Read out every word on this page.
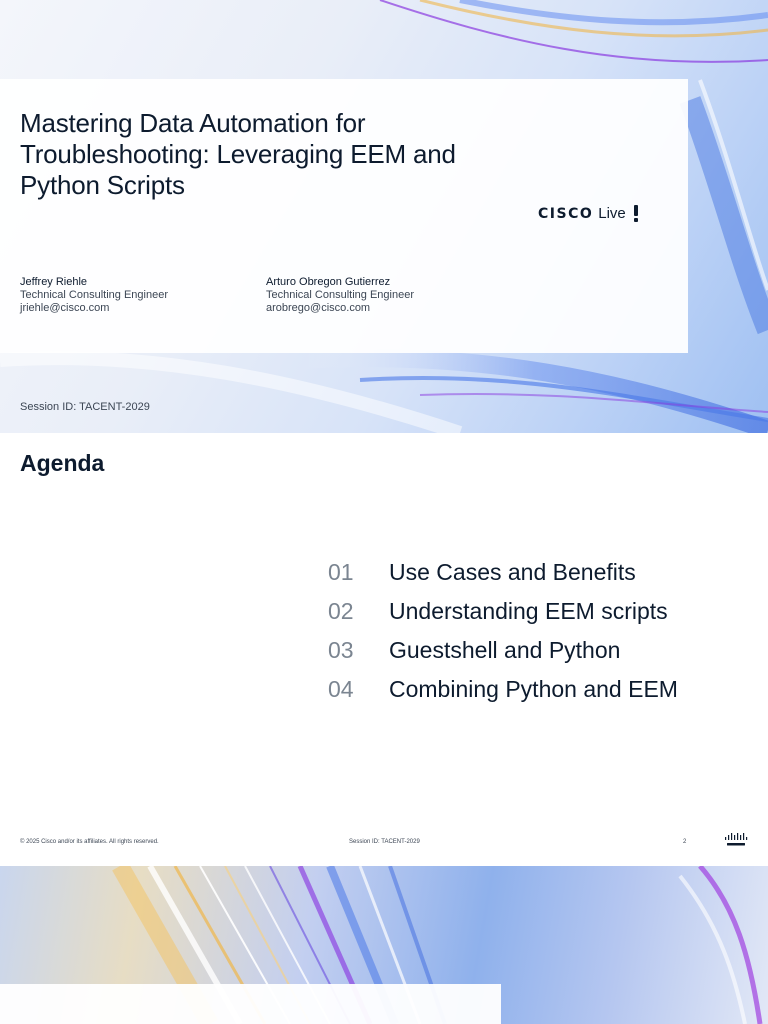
Mastering Data Automation for Troubleshooting: Leveraging EEM and Python Scripts
CISCO Live
Jeffrey Riehle
Technical Consulting Engineer
jriehle@cisco.com
Arturo Obregon Gutierrez
Technical Consulting Engineer
arobrego@cisco.com
Session ID: TACENT-2029
Agenda
01	Use Cases and Benefits
02	Understanding EEM scripts
03	Guestshell and Python
04	Combining Python and EEM
© 2025 Cisco and/or its affiliates. All rights reserved.	Session ID: TACENT-2029	2
